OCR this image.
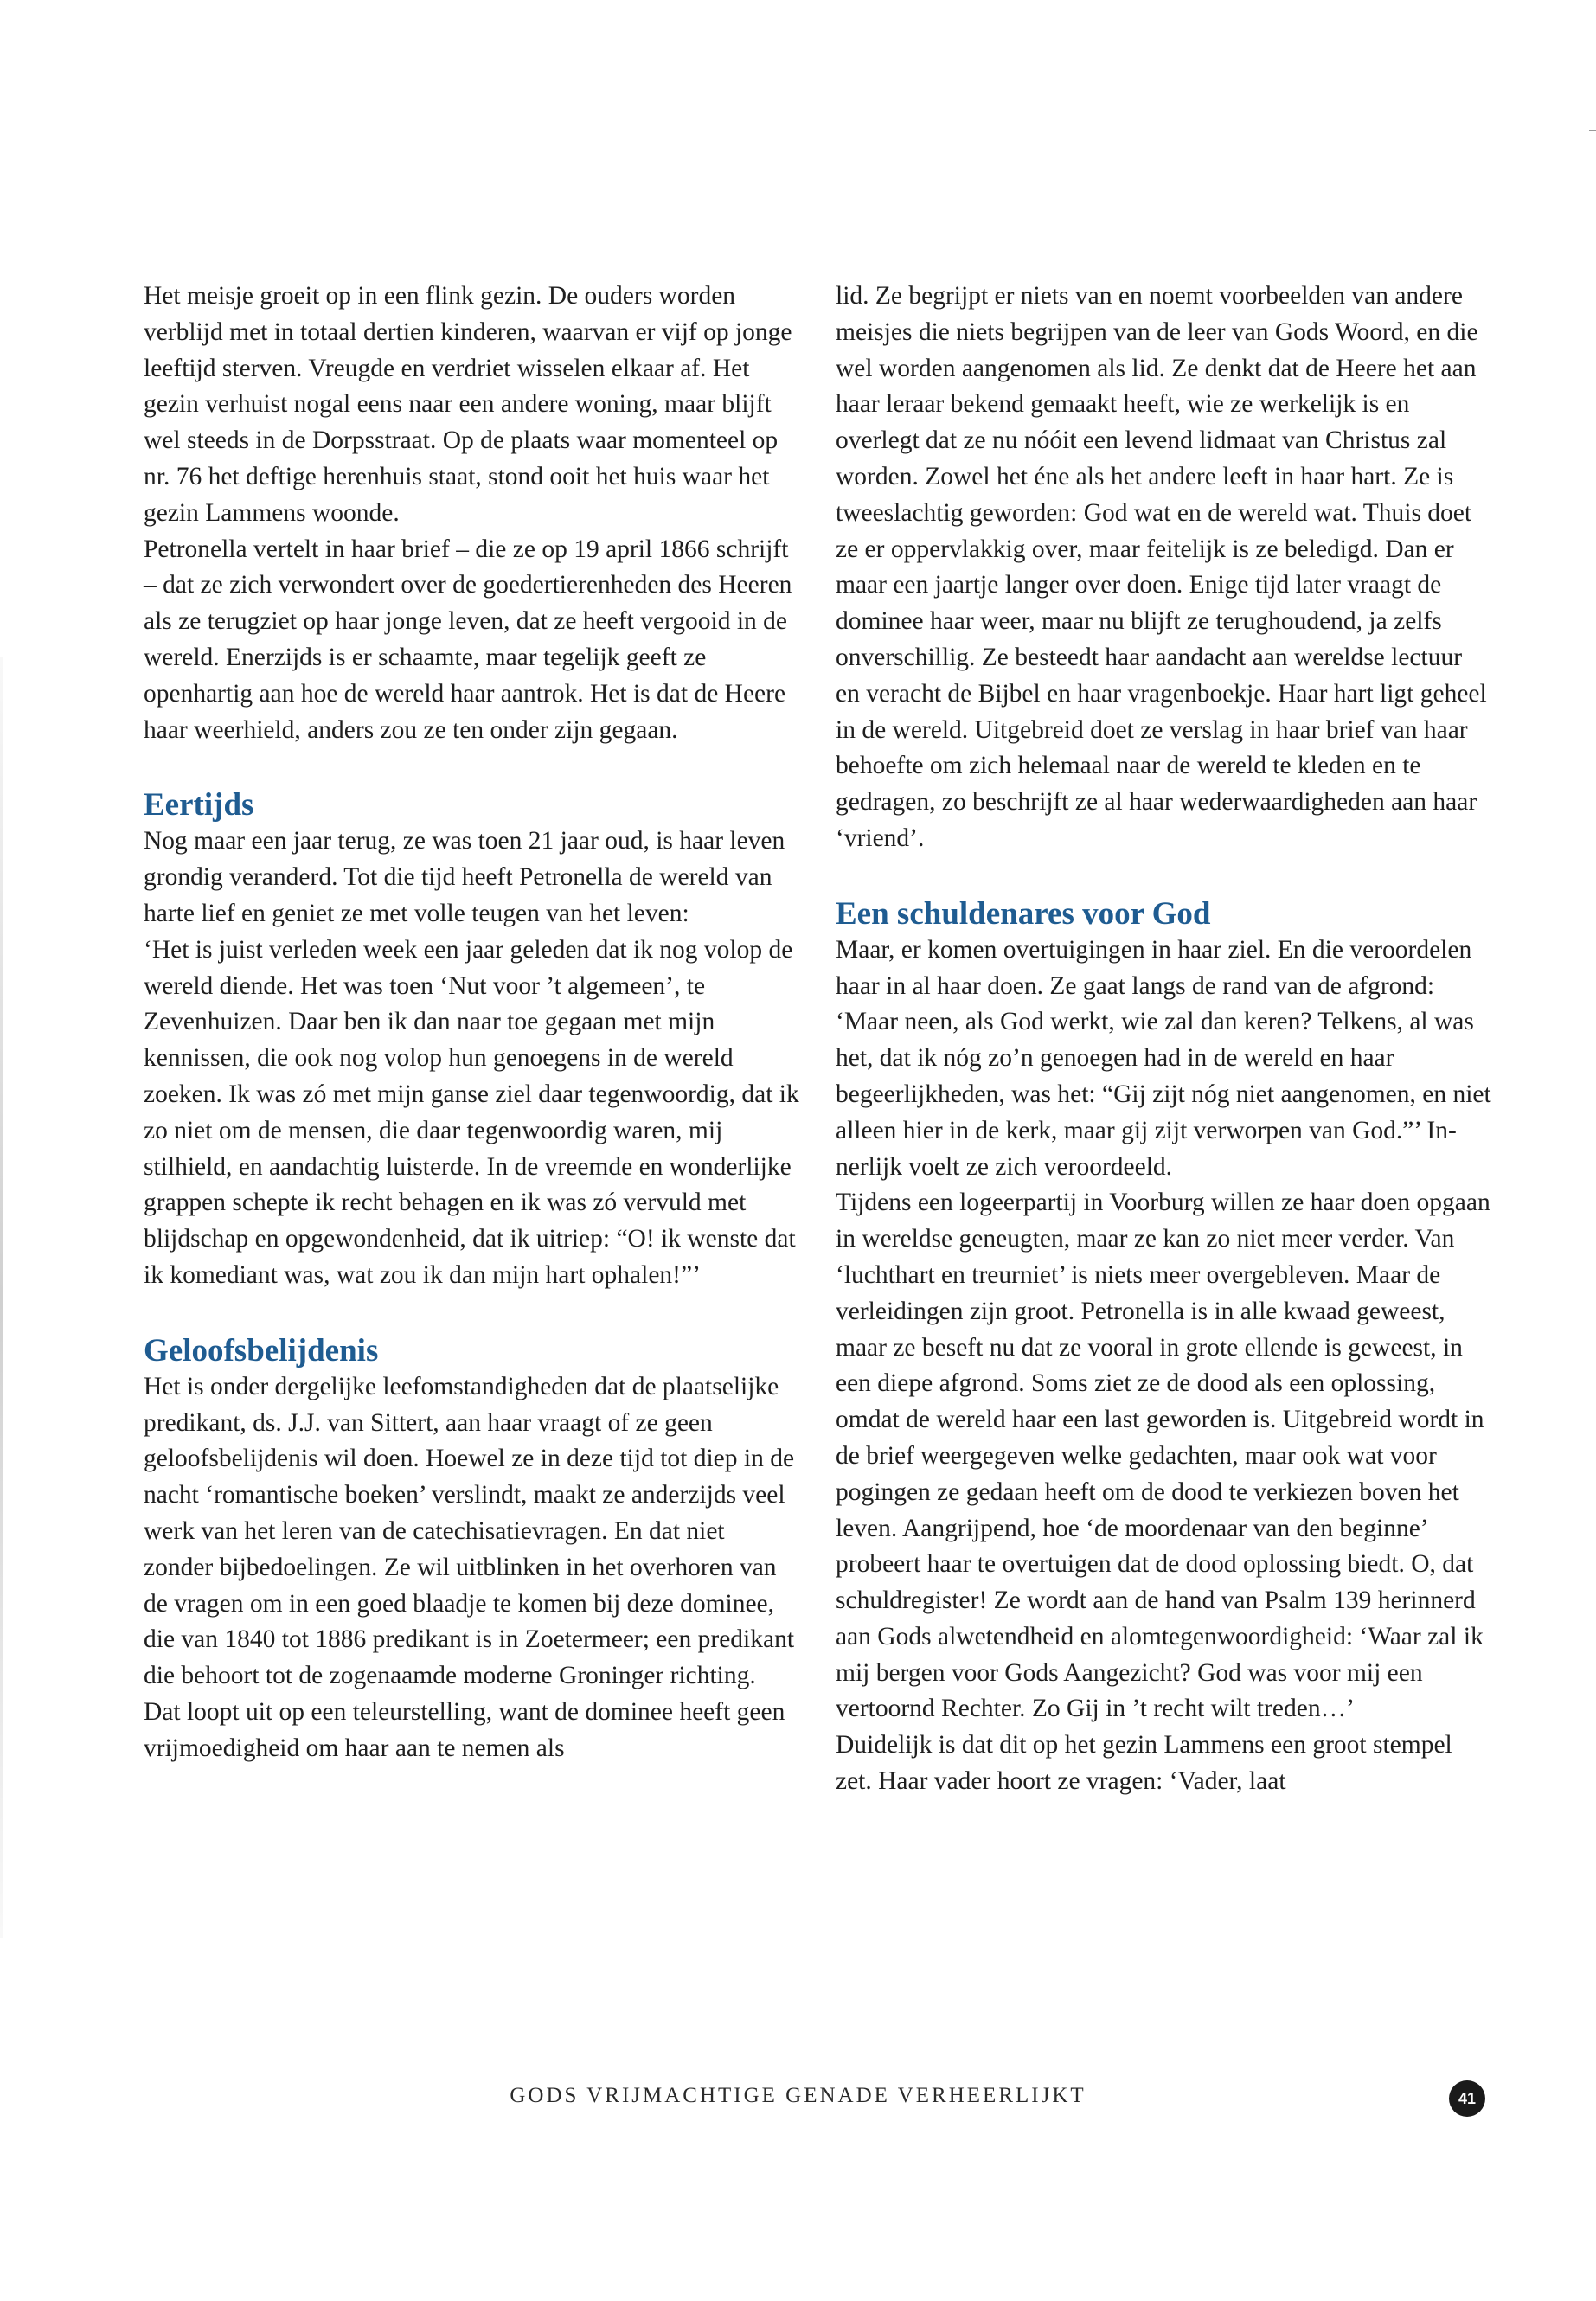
Het meisje groeit op in een flink gezin. De ouders worden verblijd met in totaal dertien kinderen, waarvan er vijf op jonge leeftijd sterven. Vreugde en verdriet wisselen elkaar af. Het gezin verhuist nogal eens naar een andere woning, maar blijft wel steeds in de Dorpsstraat. Op de plaats waar momenteel op nr. 76 het deftige herenhuis staat, stond ooit het huis waar het gezin Lammens woonde.

Petronella vertelt in haar brief – die ze op 19 april 1866 schrijft – dat ze zich verwondert over de goedertierenheden des Heeren als ze terugziet op haar jonge leven, dat ze heeft vergooid in de wereld. Enerzijds is er schaamte, maar tegelijk geeft ze openhartig aan hoe de wereld haar aantrok. Het is dat de Heere haar weerhield, anders zou ze ten onder zijn gegaan.

Eertijds

Nog maar een jaar terug, ze was toen 21 jaar oud, is haar leven grondig veranderd. Tot die tijd heeft Petronella de wereld van harte lief en geniet ze met volle teugen van het leven:

‘Het is juist verleden week een jaar geleden dat ik nog volop de wereld diende. Het was toen ‘Nut voor ’t algemeen’, te Zevenhuizen. Daar ben ik dan naar toe gegaan met mijn kennissen, die ook nog volop hun genoegens in de wereld zoeken. Ik was zó met mijn ganse ziel daar tegenwoordig, dat ik zo niet om de mensen, die daar tegenwoordig waren, mij stilhield, en aandachtig luisterde. In de vreemde en wonderlijke grappen schepte ik recht behagen en ik was zó vervuld met blijdschap en opgewondenheid, dat ik uitriep: “O! ik wenste dat ik komediant was, wat zou ik dan mijn hart ophalen!”’

Geloofsbelijdenis

Het is onder dergelijke leefomstandigheden dat de plaatselijke predikant, ds. J.J. van Sittert, aan haar vraagt of ze geen geloofsbelijdenis wil doen. Hoewel ze in deze tijd tot diep in de nacht ‘romantische boeken’ verslindt, maakt ze anderzijds veel werk van het leren van de catechisatievragen. En dat niet zonder bijbedoelingen. Ze wil uitblinken in het overhoren van de vragen om in een goed blaadje te komen bij deze dominee, die van 1840 tot 1886 predikant is in Zoetermeer; een predikant die behoort tot de zogenaamde moderne Groninger richting.

Dat loopt uit op een teleurstelling, want de dominee heeft geen vrijmoedigheid om haar aan te nemen als

lid. Ze begrijpt er niets van en noemt voorbeelden van andere meisjes die niets begrijpen van de leer van Gods Woord, en die wel worden aangenomen als lid. Ze denkt dat de Heere het aan haar leraar bekend gemaakt heeft, wie ze werkelijk is en overlegt dat ze nu nóóit een levend lidmaat van Christus zal worden. Zowel het éne als het andere leeft in haar hart. Ze is tweeslachtig geworden: God wat en de wereld wat. Thuis doet ze er oppervlakkig over, maar feitelijk is ze beledigd. Dan er maar een jaartje langer over doen. Enige tijd later vraagt de dominee haar weer, maar nu blijft ze terughoudend, ja zelfs onverschillig. Ze besteedt haar aandacht aan wereldse lectuur en veracht de Bijbel en haar vragenboekje. Haar hart ligt geheel in de wereld. Uitgebreid doet ze verslag in haar brief van haar behoefte om zich helemaal naar de wereld te kleden en te gedragen, zo beschrijft ze al haar wederwaardigheden aan haar ‘vriend’.

Een schuldenares voor God

Maar, er komen overtuigingen in haar ziel. En die veroordelen haar in al haar doen. Ze gaat langs de rand van de afgrond: ‘Maar neen, als God werkt, wie zal dan keren? Telkens, al was het, dat ik nóg zo’n genoegen had in de wereld en haar begeerlijkheden, was het: “Gij zijt nóg niet aangenomen, en niet alleen hier in de kerk, maar gij zijt verworpen van God.”’ Innerlijk voelt ze zich veroordeeld.

Tijdens een logeerpartij in Voorburg willen ze haar doen opgaan in wereldse geneugten, maar ze kan zo niet meer verder. Van ‘luchthart en treurniet’ is niets meer overgebleven. Maar de verleidingen zijn groot. Petronella is in alle kwaad geweest, maar ze beseft nu dat ze vooral in grote ellende is geweest, in een diepe afgrond. Soms ziet ze de dood als een oplossing, omdat de wereld haar een last geworden is. Uitgebreid wordt in de brief weergegeven welke gedachten, maar ook wat voor pogingen ze gedaan heeft om de dood te verkiezen boven het leven. Aangrijpend, hoe ‘de moordenaar van den beginne’ probeert haar te overtuigen dat de dood oplossing biedt. O, dat schuldregister! Ze wordt aan de hand van Psalm 139 herinnerd aan Gods alwetendheid en alomtegenwoordigheid: ‘Waar zal ik mij bergen voor Gods Aangezicht? God was voor mij een vertoornd Rechter. Zo Gij in ’t recht wilt treden…’

Duidelijk is dat dit op het gezin Lammens een groot stempel zet. Haar vader hoort ze vragen: ‘Vader, laat

GODS VRIJMACHTIGE GENADE VERHEERLIJKT	41
